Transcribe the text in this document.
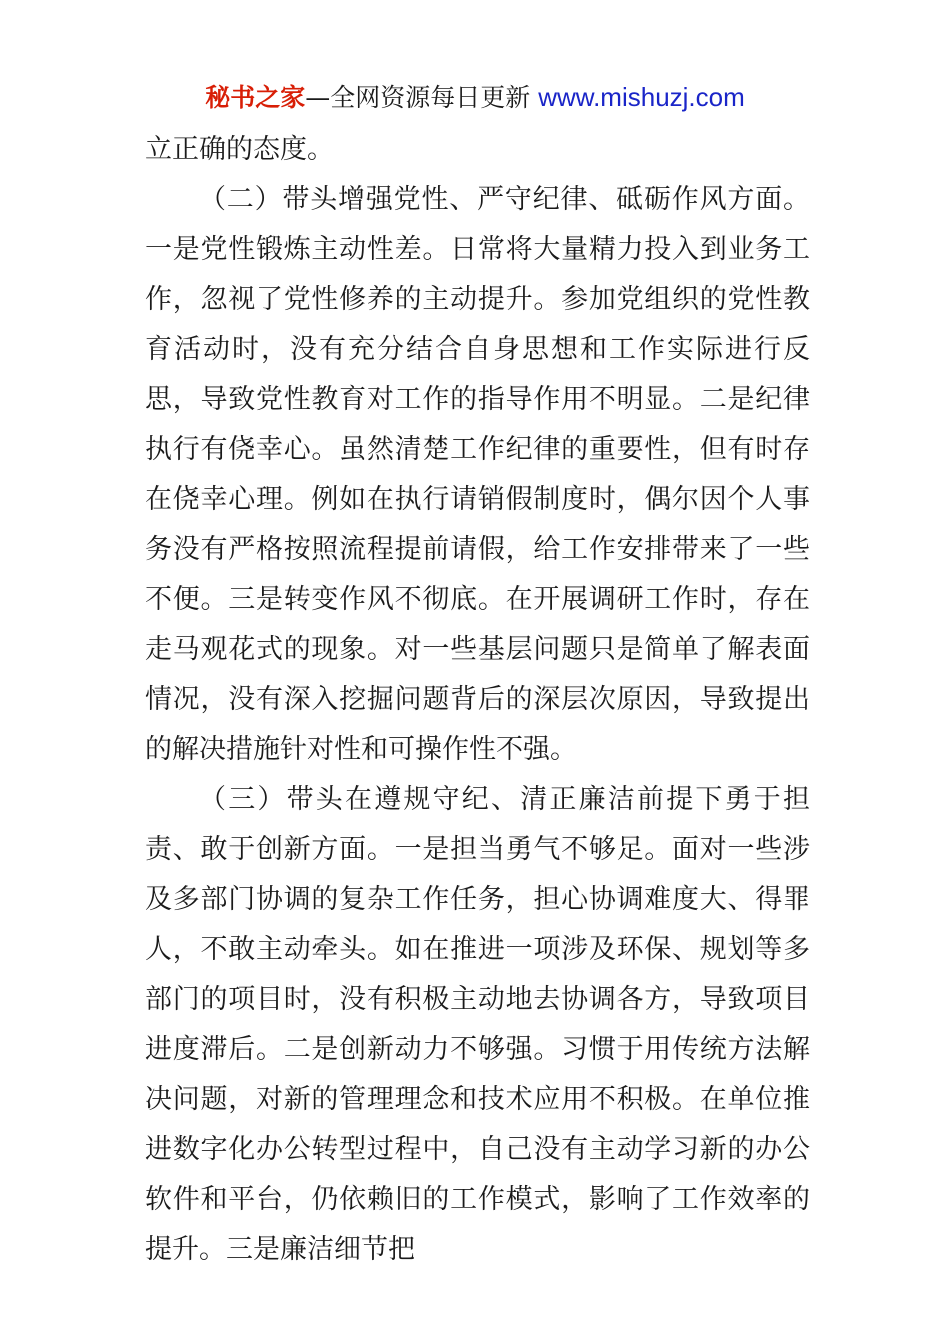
秘书之家—全网资源每日更新 www.mishuzj.com

立正确的态度。

（二）带头增强党性、严守纪律、砥砺作风方面。一是党性锻炼主动性差。日常将大量精力投入到业务工作，忽视了党性修养的主动提升。参加党组织的党性教育活动时，没有充分结合自身思想和工作实际进行反思，导致党性教育对工作的指导作用不明显。二是纪律执行有侥幸心。虽然清楚工作纪律的重要性，但有时存在侥幸心理。例如在执行请销假制度时，偶尔因个人事务没有严格按照流程提前请假，给工作安排带来了一些不便。三是转变作风不彻底。在开展调研工作时，存在走马观花式的现象。对一些基层问题只是简单了解表面情况，没有深入挖掘问题背后的深层次原因，导致提出的解决措施针对性和可操作性不强。

（三）带头在遵规守纪、清正廉洁前提下勇于担责、敢于创新方面。一是担当勇气不够足。面对一些涉及多部门协调的复杂工作任务，担心协调难度大、得罪人，不敢主动牵头。如在推进一项涉及环保、规划等多部门的项目时，没有积极主动地去协调各方，导致项目进度滞后。二是创新动力不够强。习惯于用传统方法解决问题，对新的管理理念和技术应用不积极。在单位推进数字化办公转型过程中，自己没有主动学习新的办公软件和平台，仍依赖旧的工作模式，影响了工作效率的提升。三是廉洁细节把
